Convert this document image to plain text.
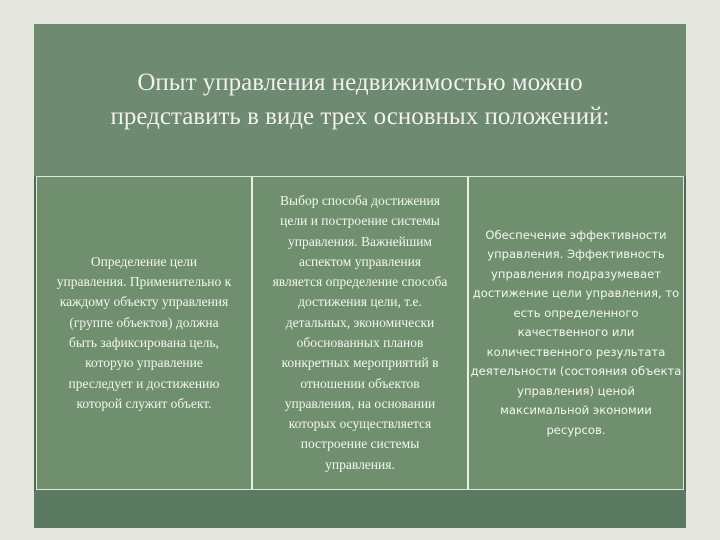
Опыт управления недвижимостью можно
представить в виде трех основных положений:
Определение цели
управления. Применительно к
каждому объекту управления
(группе объектов) должна
быть зафиксирована цель,
которую управление
преследует и достижению
которой служит объект.
Выбор способа достижения
цели и построение системы
управления. Важнейшим
аспектом управления
является определение способа
достижения цели, т.е.
детальных, экономически
обоснованных планов
конкретных мероприятий в
отношении объектов
управления, на основании
которых осуществляется
построение системы
управления.
Обеспечение эффективности
управления. Эффективность
управления подразумевает
достижение цели управления, то
есть определенного
качественного или
количественного результата
деятельности (состояния объекта
управления) ценой
максимальной экономии
ресурсов.
